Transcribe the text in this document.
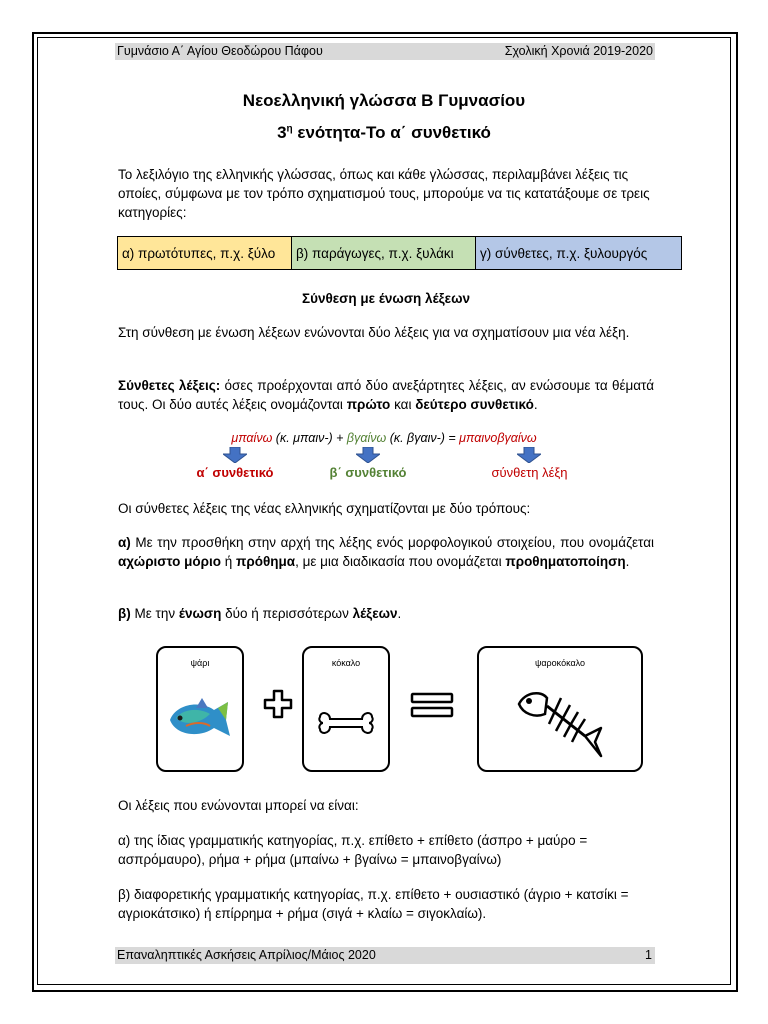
Γυμνάσιο Α΄ Αγίου Θεοδώρου Πάφου	Σχολική Χρονιά 2019-2020
Νεοελληνική γλώσσα Β Γυμνασίου
$3^\eta$ ενότητα-Το α΄ συνθετικό
Το λεξιλόγιο της ελληνικής γλώσσας, όπως και κάθε γλώσσας, περιλαμβάνει λέξεις τις οποίες, σύμφωνα με τον τρόπο σχηματισμού τους, μπορούμε να τις κατατάξουμε σε τρεις κατηγορίες:
α) πρωτότυπες, π.χ. ξύλο	β) παράγωγες, π.χ. ξυλάκι	γ) σύνθετες, π.χ. ξυλουργός
Σύνθεση με ένωση λέξεων
Στη σύνθεση με ένωση λέξεων ενώνονται δύο λέξεις για να σχηματίσουν μια νέα λέξη.
Σύνθετες λέξεις: όσες προέρχονται από δύο ανεξάρτητες λέξεις, αν ενώσουμε τα θέματά τους. Οι δύο αυτές λέξεις ονομάζονται πρώτο και δεύτερο συνθετικό.
μπαίνω (κ. μπαιν-) + βγαίνω (κ. βγαιν-) = μπαινοβγαίνω
α΄ συνθετικό	β΄ συνθετικό	σύνθετη λέξη
Οι σύνθετες λέξεις της νέας ελληνικής σχηματίζονται με δύο τρόπους:
α) Με την προσθήκη στην αρχή της λέξης ενός μορφολογικού στοιχείου, που ονομάζεται αχώριστο μόριο ή πρόθημα, με μια διαδικασία που ονομάζεται προθηματοποίηση.
β) Με την ένωση δύο ή περισσότερων λέξεων.
ψάρι	κόκαλο	ψαροκόκαλο
Οι λέξεις που ενώνονται μπορεί να είναι:
α) της ίδιας γραμματικής κατηγορίας, π.χ. επίθετο + επίθετο (άσπρο + μαύρο = ασπρόμαυρο), ρήμα + ρήμα (μπαίνω + βγαίνω = μπαινοβγαίνω)
β) διαφορετικής γραμματικής κατηγορίας, π.χ. επίθετο + ουσιαστικό (άγριο + κατσίκι = αγριοκάτσικο) ή επίρρημα + ρήμα (σιγά + κλαίω = σιγοκλαίω).
Επαναληπτικές Ασκήσεις Απρίλιος/Μάιος 2020	1
